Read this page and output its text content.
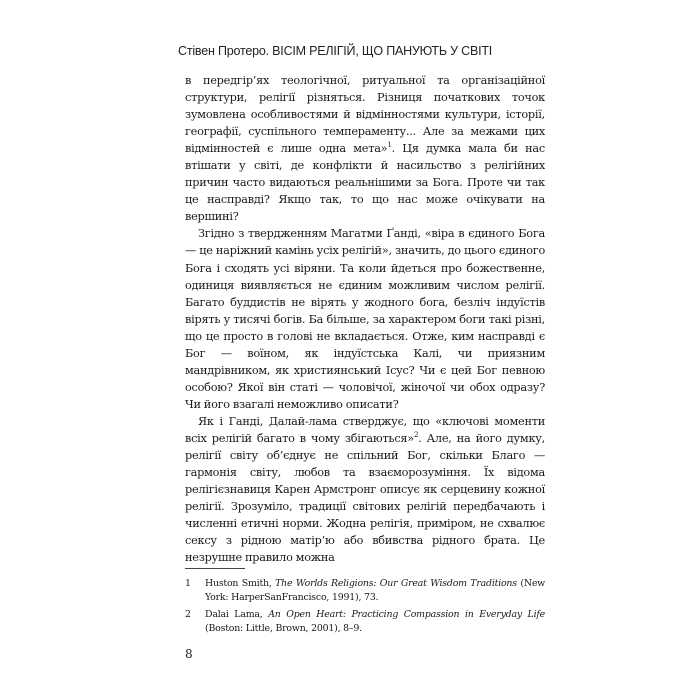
Стівен Протеро. ВІСІМ РЕЛІГІЙ, ЩО ПАНУЮТЬ У СВІТІ

в передгір’ях теологічної, ритуальної та організаційної структури, релігії різняться. Різниця початкових точок зумовлена особливостями й відмінностями культури, історії, географії, суспільного темпераменту... Але за межами цих відмінностей є лише одна мета»$^1$. Ця думка мала би нас втішати у світі, де конфлікти й насильство з релігійних причин часто видаються реальнішими за Бога. Проте чи так це насправді? Якщо так, то що нас може очікувати на вершині?

Згідно з твердженням Магатми Ґанді, «віра в єдиного Бога — це наріжний камінь усіх релігій», значить, до цього єдиного Бога і сходять усі віряни. Та коли йдеться про божественне, одиниця виявляється не єдиним можливим числом релігії. Багато буддистів не вірять у жодного бога, безліч індуїстів вірять у тисячі богів. Ба більше, за характером боги такі різні, що це просто в голові не вкладається. Отже, ким насправді є Бог — воїном, як індуїстська Калі, чи приязним мандрівником, як християнський Ісус? Чи є цей Бог певною особою? Якої він статі — чоловічої, жіночої чи обох одразу? Чи його взагалі неможливо описати?

Як і Ганді, Далай-лама стверджує, що «ключові моменти всіх релігій багато в чому збігаються»$^2$. Але, на його думку, релігії світу об’єднує не спільний Бог, скільки Благо — гармонія світу, любов та взаєморозуміння. Їх відома релігієзнавиця Карен Армстронг описує як серцевину кожної релігії. Зрозуміло, традиції світових релігій передбачають і численні етичні норми. Жодна релігія, приміром, не схвалює сексу з рідною матір’ю або вбивства рідного брата. Це незрушне правило можна

1	Huston Smith, The Worlds Religions: Our Great Wisdom Traditions (New York: HarperSanFrancisco, 1991), 73.
2	Dalai Lama, An Open Heart: Practicing Compassion in Everyday Life (Boston: Little, Brown, 2001), 8–9.
8
